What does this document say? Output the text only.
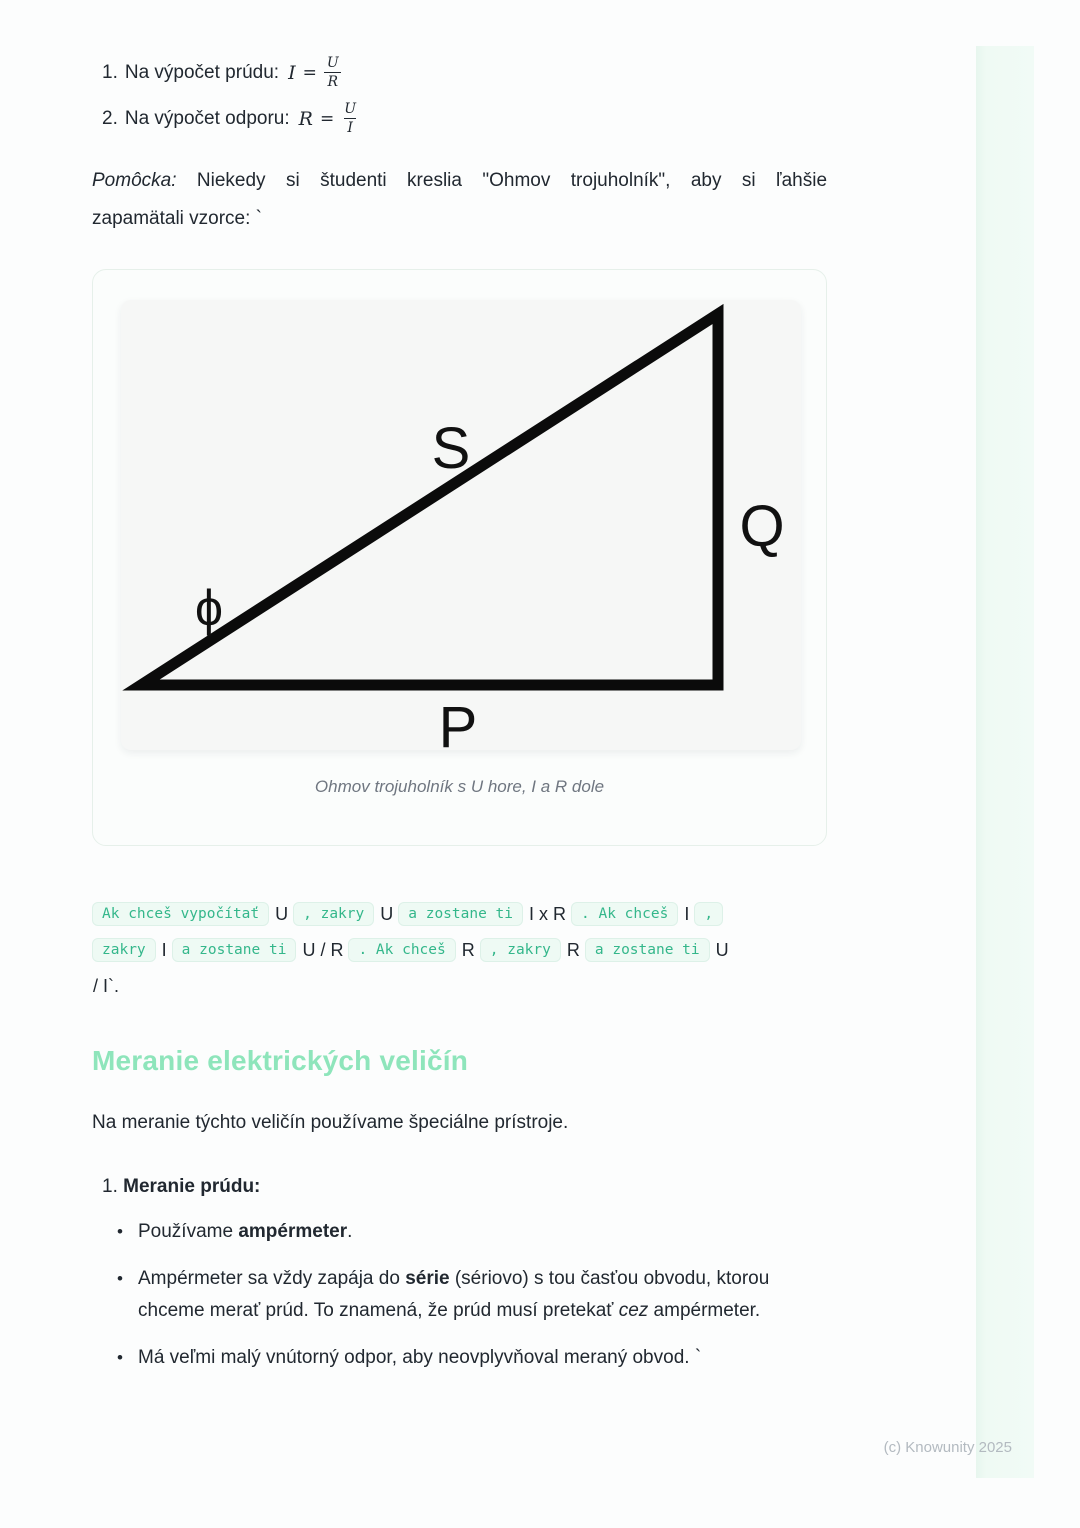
1. Na výpočet prúdu: $I = \frac{U}{R}$
2. Na výpočet odporu: $R = \frac{U}{I}$

Pomôcka: Niekedy si študenti kreslia "Ohmov trojuholník", aby si ľahšie
zapamätali vzorce: `

S
Q
P
ϕ

Ohmov trojuholník s U hore, I a R dole

Ak chceš vypočítať U	, zakry U	a zostane ti I x R	. Ak chceš I	,
zakry I	a zostane ti U / R	. Ak chceš R	, zakry R	a zostane ti U
/ I`.
Meranie elektrických veličín

Na meranie týchto veličín používame špeciálne prístroje.

1. Meranie prúdu:
• Používame ampérmeter.
• Ampérmeter sa vždy zapája do série (sériovo) s tou časťou obvodu, ktorou chceme merať prúd. To znamená, že prúd musí pretekať cez ampérmeter.
• Má veľmi malý vnútorný odpor, aby neovplyvňoval meraný obvod. `
(c) Knowunity 2025
